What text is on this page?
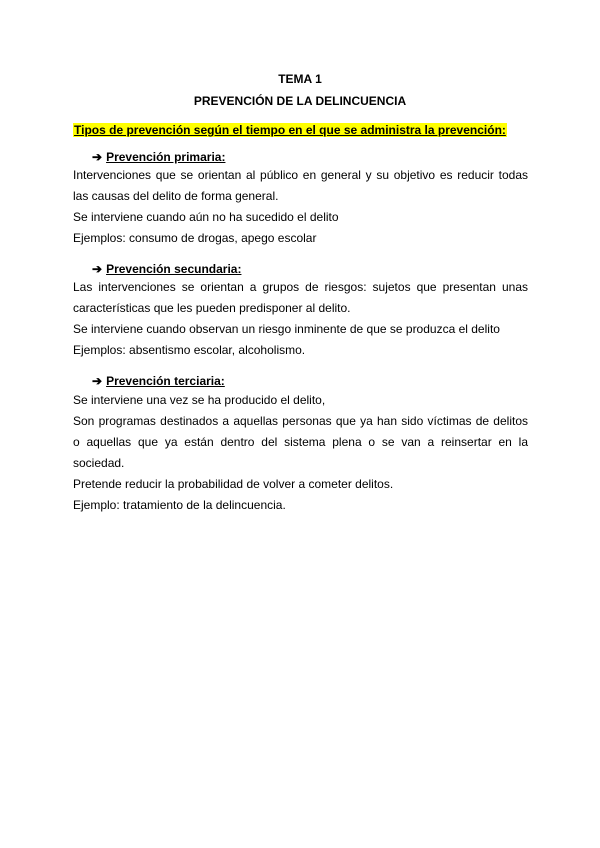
TEMA 1
PREVENCIÓN DE LA DELINCUENCIA
Tipos de prevención según el tiempo en el que se administra la prevención:
➔ Prevención primaria:
Intervenciones que se orientan al público en general y su objetivo es reducir todas
las causas del delito de forma general.
Se interviene cuando aún no ha sucedido el delito
Ejemplos: consumo de drogas, apego escolar
➔ Prevención secundaria:
Las intervenciones se orientan a grupos de riesgos: sujetos que presentan unas
características que les pueden predisponer al delito.
Se interviene cuando observan un riesgo inminente de que se produzca el delito
Ejemplos: absentismo escolar, alcoholismo.
➔ Prevención terciaria:
Se interviene una vez se ha producido el delito,
Son programas destinados a aquellas personas que ya han sido víctimas de delitos
o aquellas que ya están dentro del sistema plena o se van a reinsertar en la
sociedad.
Pretende reducir la probabilidad de volver a cometer delitos.
Ejemplo: tratamiento de la delincuencia.
